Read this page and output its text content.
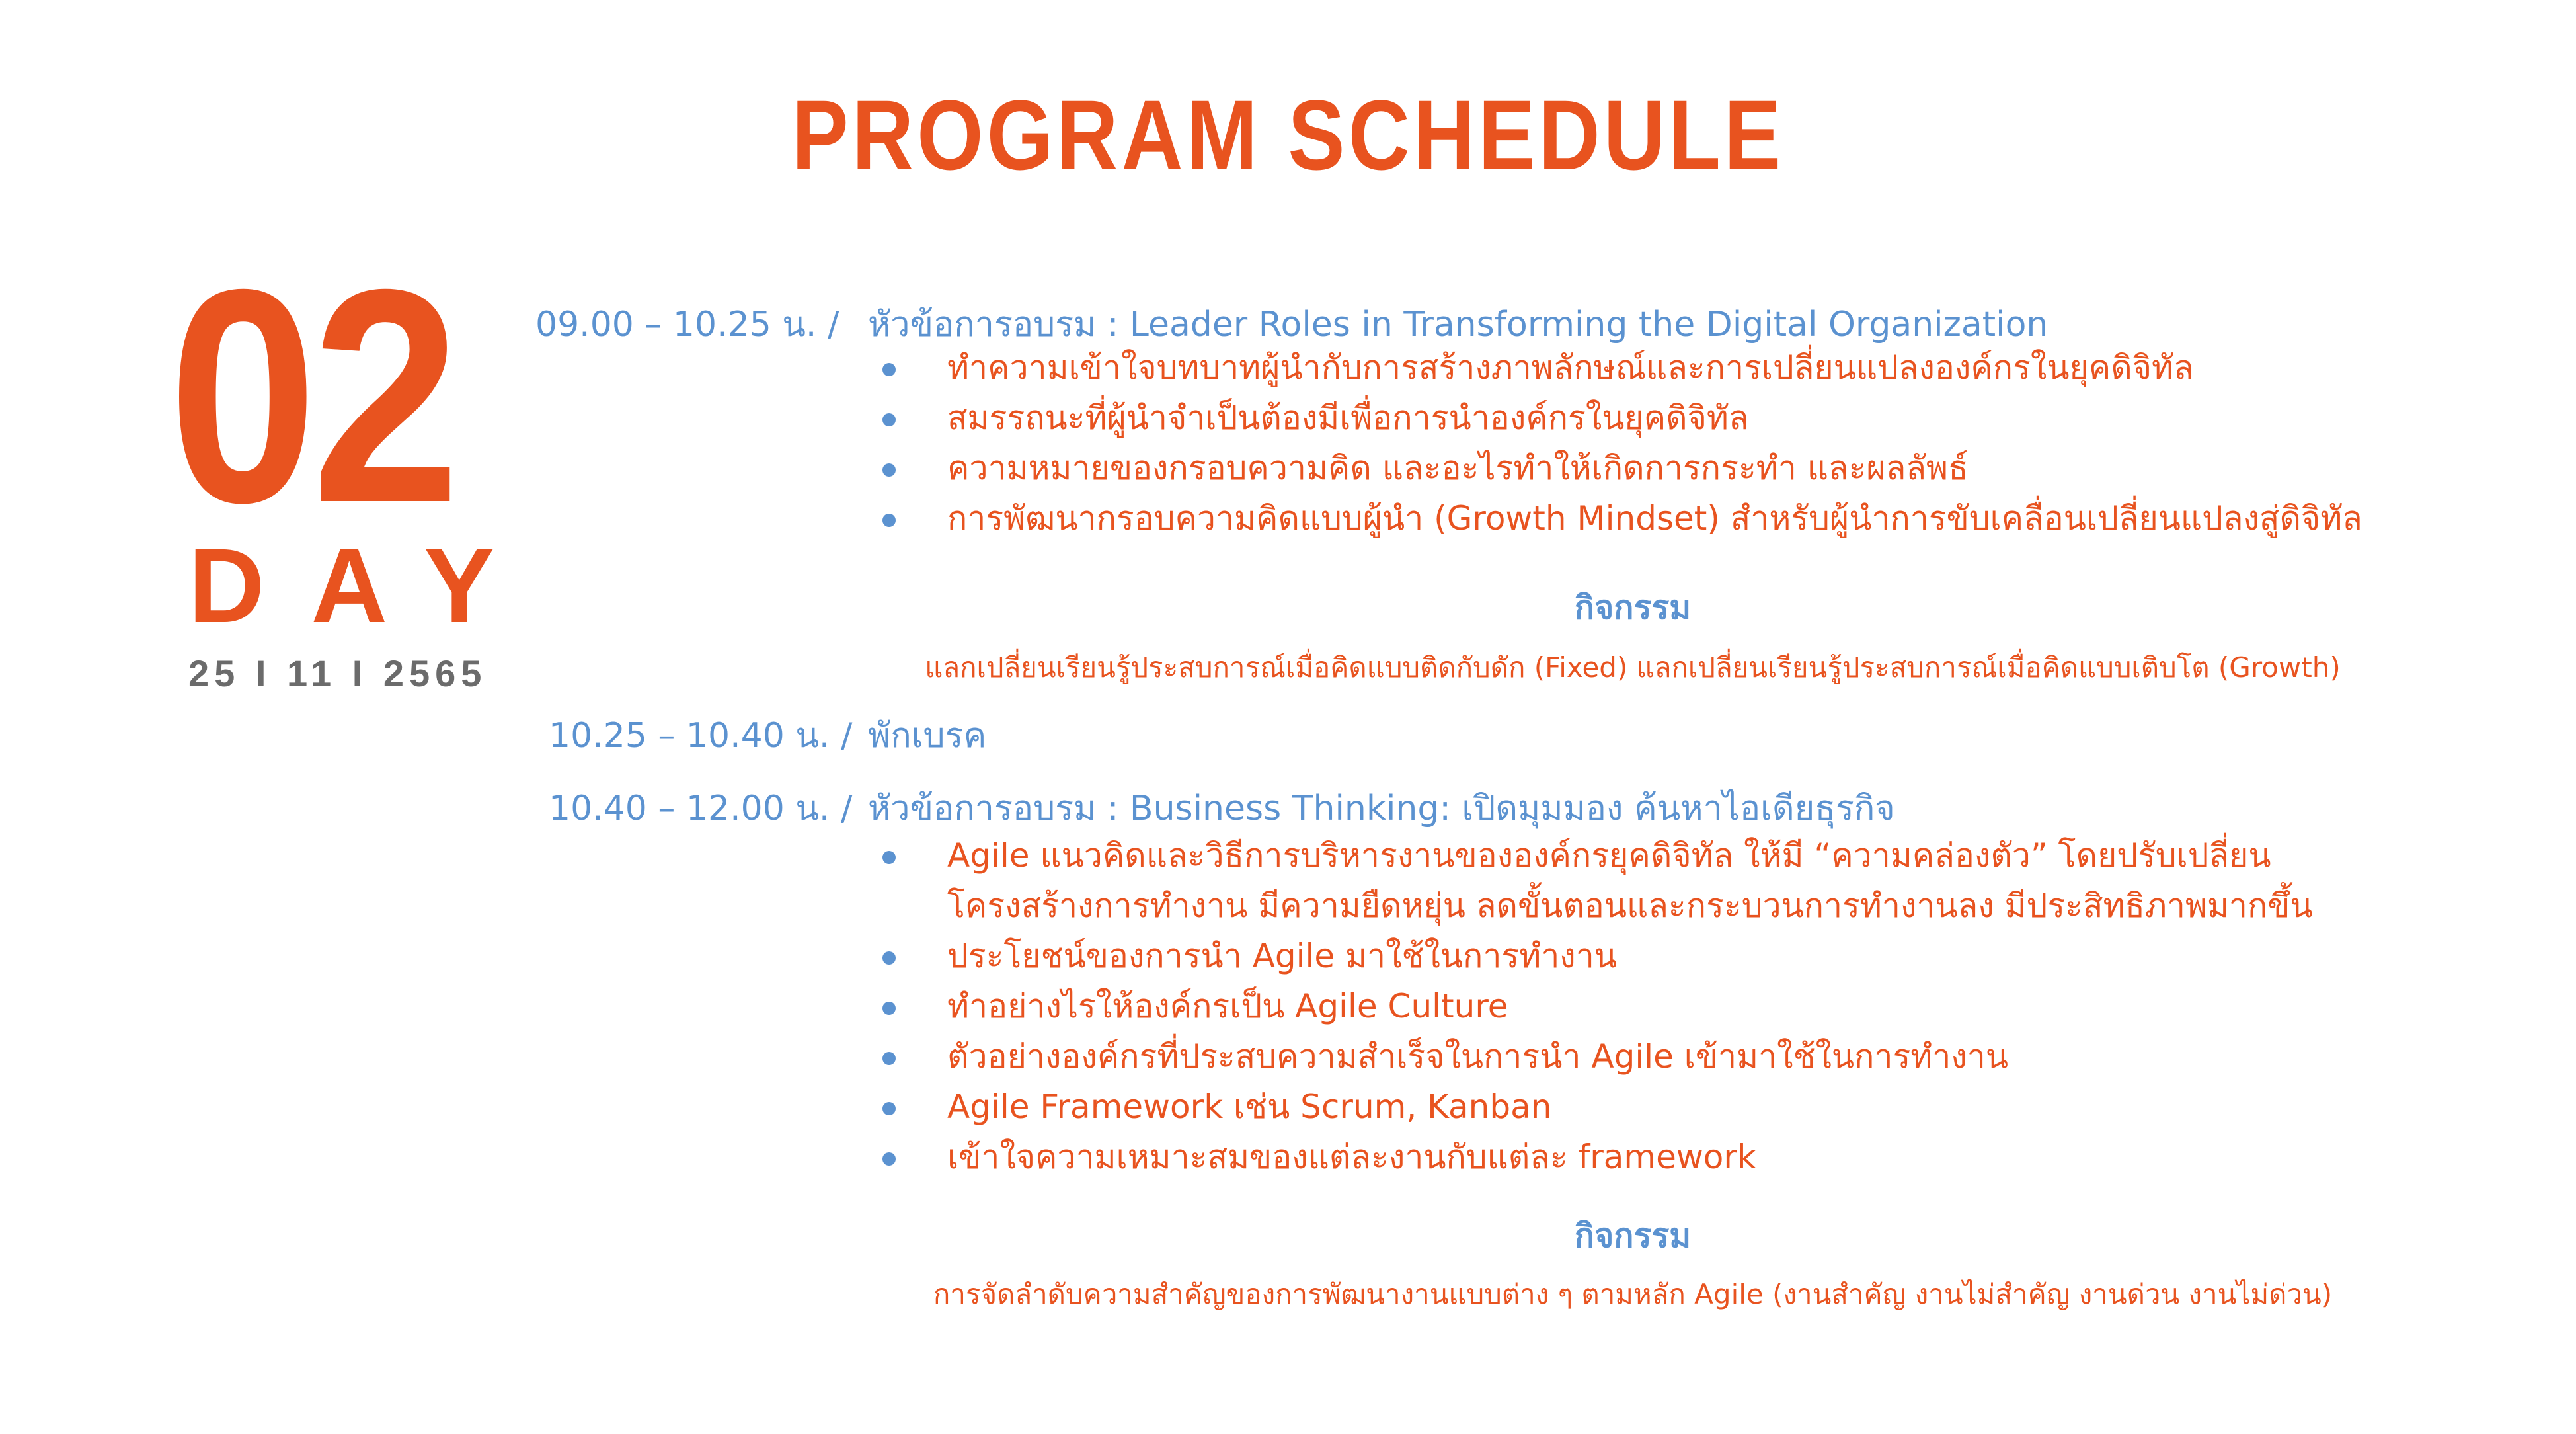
PROGRAM SCHEDULE
02
DAY
25 I 11 I 2565
09.00 – 10.25 น. / หัวข้อการอบรม : Leader Roles in Transforming the Digital Organization
ทำความเข้าใจบทบาทผู้นำกับการสร้างภาพลักษณ์และการเปลี่ยนแปลงองค์กรในยุคดิจิทัล
สมรรถนะที่ผู้นำจำเป็นต้องมีเพื่อการนำองค์กรในยุคดิจิทัล
ความหมายของกรอบความคิด และอะไรทำให้เกิดการกระทำ และผลลัพธ์
การพัฒนากรอบความคิดแบบผู้นำ (Growth Mindset) สำหรับผู้นำการขับเคลื่อนเปลี่ยนแปลงสู่ดิจิทัล
กิจกรรม
แลกเปลี่ยนเรียนรู้ประสบการณ์เมื่อคิดแบบติดกับดัก (Fixed) แลกเปลี่ยนเรียนรู้ประสบการณ์เมื่อคิดแบบเติบโต (Growth)
10.25 – 10.40 น. / พักเบรค
10.40 – 12.00 น. / หัวข้อการอบรม : Business Thinking: เปิดมุมมอง ค้นหาไอเดียธุรกิจ
Agile แนวคิดและวิธีการบริหารงานขององค์กรยุคดิจิทัล ให้มี “ความคล่องตัว” โดยปรับเปลี่ยน
โครงสร้างการทำงาน มีความยืดหยุ่น ลดขั้นตอนและกระบวนการทำงานลง มีประสิทธิภาพมากขึ้น
ประโยชน์ของการนำ Agile มาใช้ในการทำงาน
ทำอย่างไรให้องค์กรเป็น Agile Culture
ตัวอย่างองค์กรที่ประสบความสำเร็จในการนำ Agile เข้ามาใช้ในการทำงาน
Agile Framework เช่น Scrum, Kanban
เข้าใจความเหมาะสมของแต่ละงานกับแต่ละ framework
กิจกรรม
การจัดลำดับความสำคัญของการพัฒนางานแบบต่าง ๆ ตามหลัก Agile (งานสำคัญ งานไม่สำคัญ งานด่วน งานไม่ด่วน)
